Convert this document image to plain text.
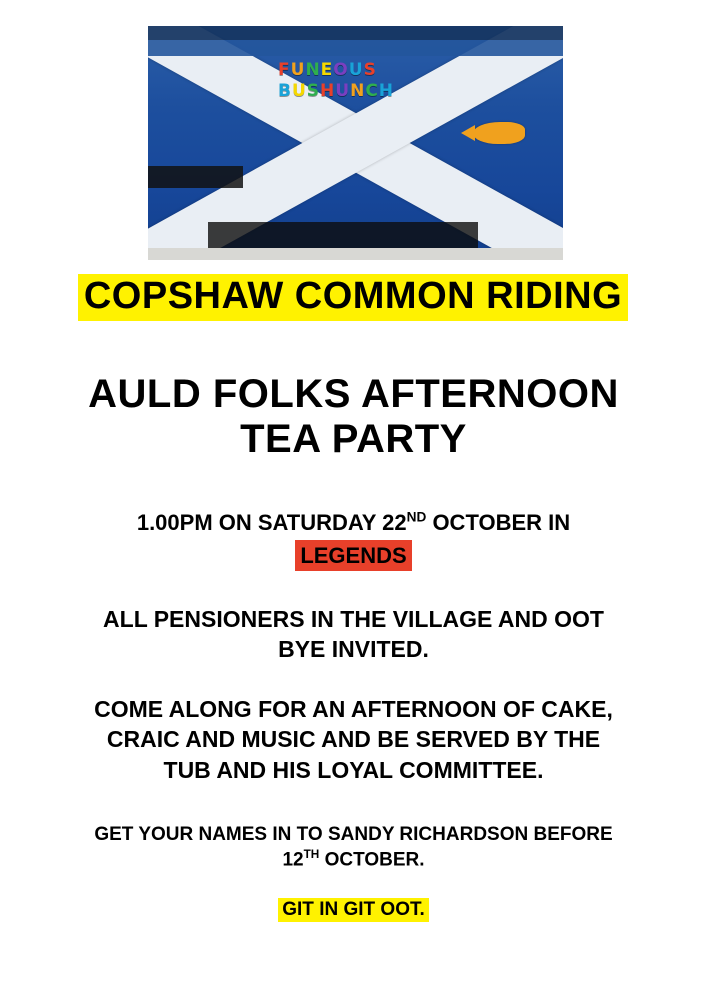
FUNEOUS
BUSHUNCH
COPSHAW COMMON RIDING
AULD FOLKS AFTERNOON
TEA PARTY
1.00PM ON SATURDAY 22ND OCTOBER IN
LEGENDS
ALL PENSIONERS IN THE VILLAGE AND OOT
BYE INVITED.
COME ALONG FOR AN AFTERNOON OF CAKE,
CRAIC AND MUSIC AND BE SERVED BY THE
TUB AND HIS LOYAL COMMITTEE.
GET YOUR NAMES IN TO SANDY RICHARDSON BEFORE
12TH OCTOBER.
GIT IN GIT OOT.
